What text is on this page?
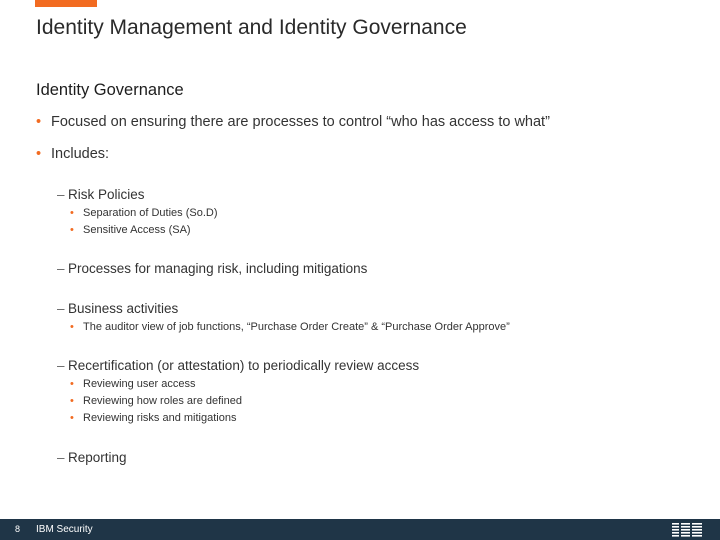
Identity Management and Identity Governance
Identity Governance
• Focused on ensuring there are processes to control “who has access to what”
• Includes:
– Risk Policies
• Separation of Duties (So.D)
• Sensitive Access (SA)
– Processes for managing risk, including mitigations
– Business activities
• The auditor view of job functions, “Purchase Order Create” & “Purchase Order Approve”
– Recertification (or attestation) to periodically review access
• Reviewing user access
• Reviewing how roles are defined
• Reviewing risks and mitigations
– Reporting
8 IBM Security
